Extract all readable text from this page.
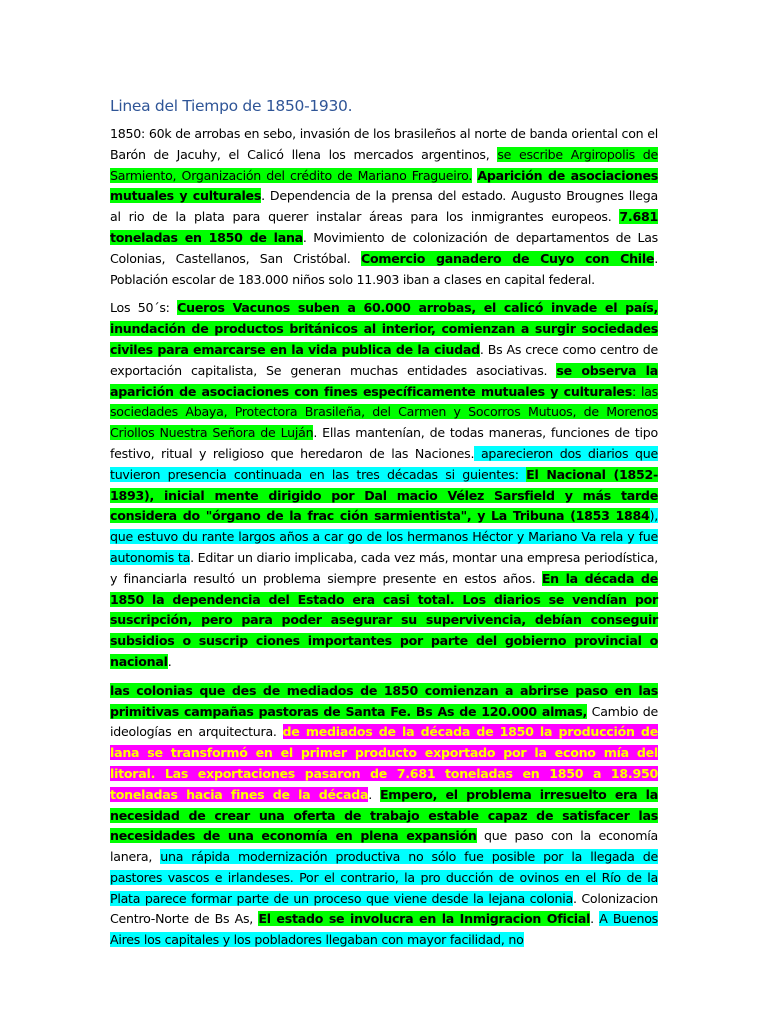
Linea del Tiempo de 1850-1930.

1850: 60k de arrobas en sebo, invasión de los brasileños al norte de banda oriental con el Barón de Jacuhy, el Calicó llena los mercados argentinos, se escribe Argiropolis de Sarmiento, Organización del crédito de Mariano Fragueiro. Aparición de asociaciones mutuales y culturales. Dependencia de la prensa del estado. Augusto Brougnes llega al rio de la plata para querer instalar áreas para los inmigrantes europeos. 7.681 toneladas en 1850 de lana. Movimiento de colonización de departamentos de Las Colonias, Castellanos, San Cristóbal. Comercio ganadero de Cuyo con Chile. Población escolar de 183.000 niños solo 11.903 iban a clases en capital federal.

Los 50´s: Cueros Vacunos suben a 60.000 arrobas, el calicó invade el país, inundación de productos británicos al interior, comienzan a surgir sociedades civiles para emarcarse en la vida publica de la ciudad. Bs As crece como centro de exportación capitalista, Se generan muchas entidades asociativas. se observa la aparición de asociaciones con fines específicamente mutuales y culturales: las sociedades Abaya, Protectora Brasileña, del Carmen y Socorros Mutuos, de Morenos Criollos Nuestra Señora de Luján. Ellas mantenían, de todas maneras, funciones de tipo festivo, ritual y religioso que heredaron de las Naciones. aparecieron dos diarios que tuvieron presencia continuada en las tres décadas si guientes: El Nacional (1852-1893), inicial mente dirigido por Dal macio Vélez Sarsfield y más tarde considera do "órgano de la frac ción sarmientista", y La Tribuna (1853 1884), que estuvo du rante largos años a car go de los hermanos Héctor y Mariano Va rela y fue autonomis ta. Editar un diario implicaba, cada vez más, montar una empresa periodística, y financiarla resultó un problema siempre presente en estos años. En la década de 1850 la dependencia del Estado era casi total. Los diarios se vendían por suscripción, pero para poder asegurar su supervivencia, debían conseguir subsidios o suscrip ciones importantes por parte del gobierno provincial o nacional.

las colonias que des de mediados de 1850 comienzan a abrirse paso en las primitivas campañas pastoras de Santa Fe. Bs As de 120.000 almas, Cambio de ideologías en arquitectura. de mediados de la década de 1850 la producción de lana se transformó en el primer producto exportado por la econo mía del litoral. Las exportaciones pasaron de 7.681 toneladas en 1850 a 18.950 toneladas hacia fines de la década. Empero, el problema irresuelto era la necesidad de crear una oferta de trabajo estable capaz de satisfacer las necesidades de una economía en plena expansión que paso con la economía lanera, una rápida modernización productiva no sólo fue posible por la llegada de pastores vascos e irlandeses. Por el contrario, la pro ducción de ovinos en el Río de la Plata parece formar parte de un proceso que viene desde la lejana colonia. Colonizacion Centro-Norte de Bs As, El estado se involucra en la Inmigracion Oficial. A Buenos Aires los capitales y los pobladores llegaban con mayor facilidad, no
